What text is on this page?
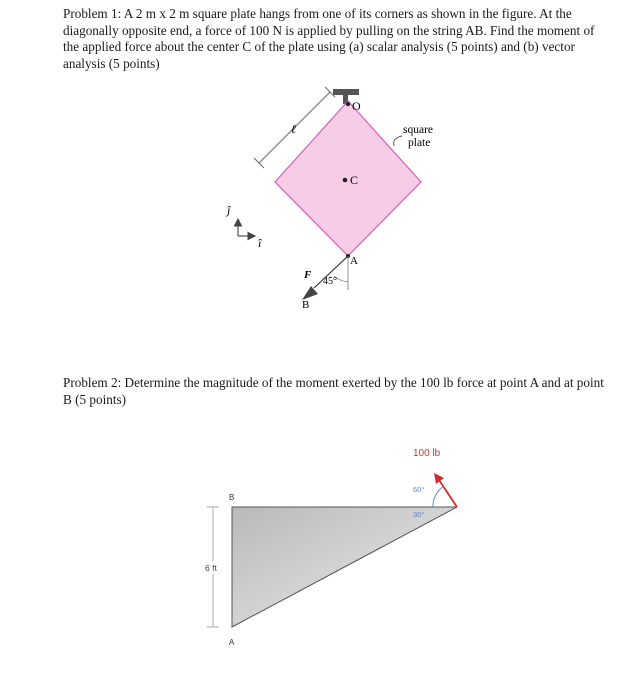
Problem 1: A 2 m x 2 m square plate hangs from one of its corners as shown in the figure. At the diagonally opposite end, a force of 100 N is applied by pulling on the string AB. Find the moment of the applied force about the center C of the plate using (a) scalar analysis (5 points) and (b) vector analysis (5 points)
Problem 2: Determine the magnitude of the moment exerted by the 100 lb force at point A and at point B (5 points)
ℓ
O
C
square
plate
A
B
F⃗
45°
ĵ
î
6 ft
B
A
100 lb
60°
30°
